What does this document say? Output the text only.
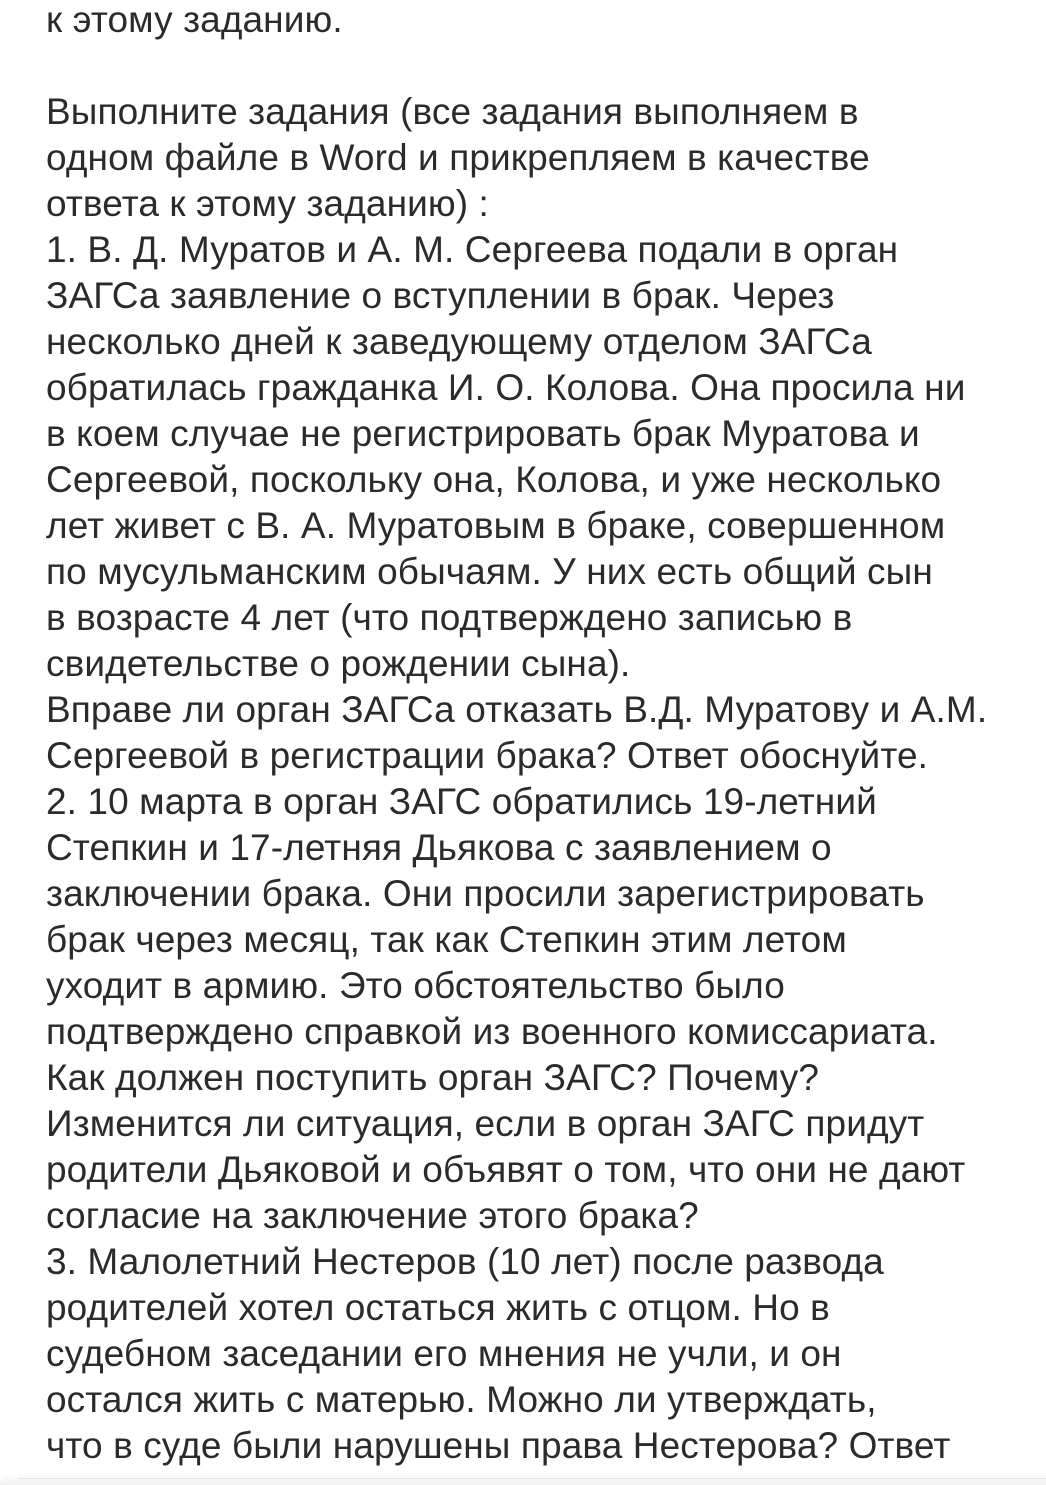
к этому заданию.

Выполните задания (все задания выполняем в

одном файле в Word и прикрепляем в качестве

ответа к этому заданию) :

1. В. Д. Муратов и А. М. Сергеева подали в орган

ЗАГСа заявление о вступлении в брак. Через

несколько дней к заведующему отделом ЗАГСа

обратилась гражданка И. О. Колова. Она просила ни

в коем случае не регистрировать брак Муратова и

Сергеевой, поскольку она, Колова, и уже несколько

лет живет с В. А. Муратовым в браке, совершенном

по мусульманским обычаям. У них есть общий сын

в возрасте 4 лет (что подтверждено записью в

свидетельстве о рождении сына).

Вправе ли орган ЗАГСа отказать В.Д. Муратову и А.М.

Сергеевой в регистрации брака? Ответ обоснуйте.

2. 10 марта в орган ЗАГС обратились 19-летний

Степкин и 17-летняя Дьякова с заявлением о

заключении брака. Они просили зарегистрировать

брак через месяц, так как Степкин этим летом

уходит в армию. Это обстоятельство было

подтверждено справкой из военного комиссариата.

Как должен поступить орган ЗАГС? Почему?

Изменится ли ситуация, если в орган ЗАГС придут

родители Дьяковой и объявят о том, что они не дают

согласие на заключение этого брака?

3. Малолетний Нестеров (10 лет) после развода

родителей хотел остаться жить с отцом. Но в

судебном заседании его мнения не учли, и он

остался жить с матерью. Можно ли утверждать,

что в суде были нарушены права Нестерова? Ответ
